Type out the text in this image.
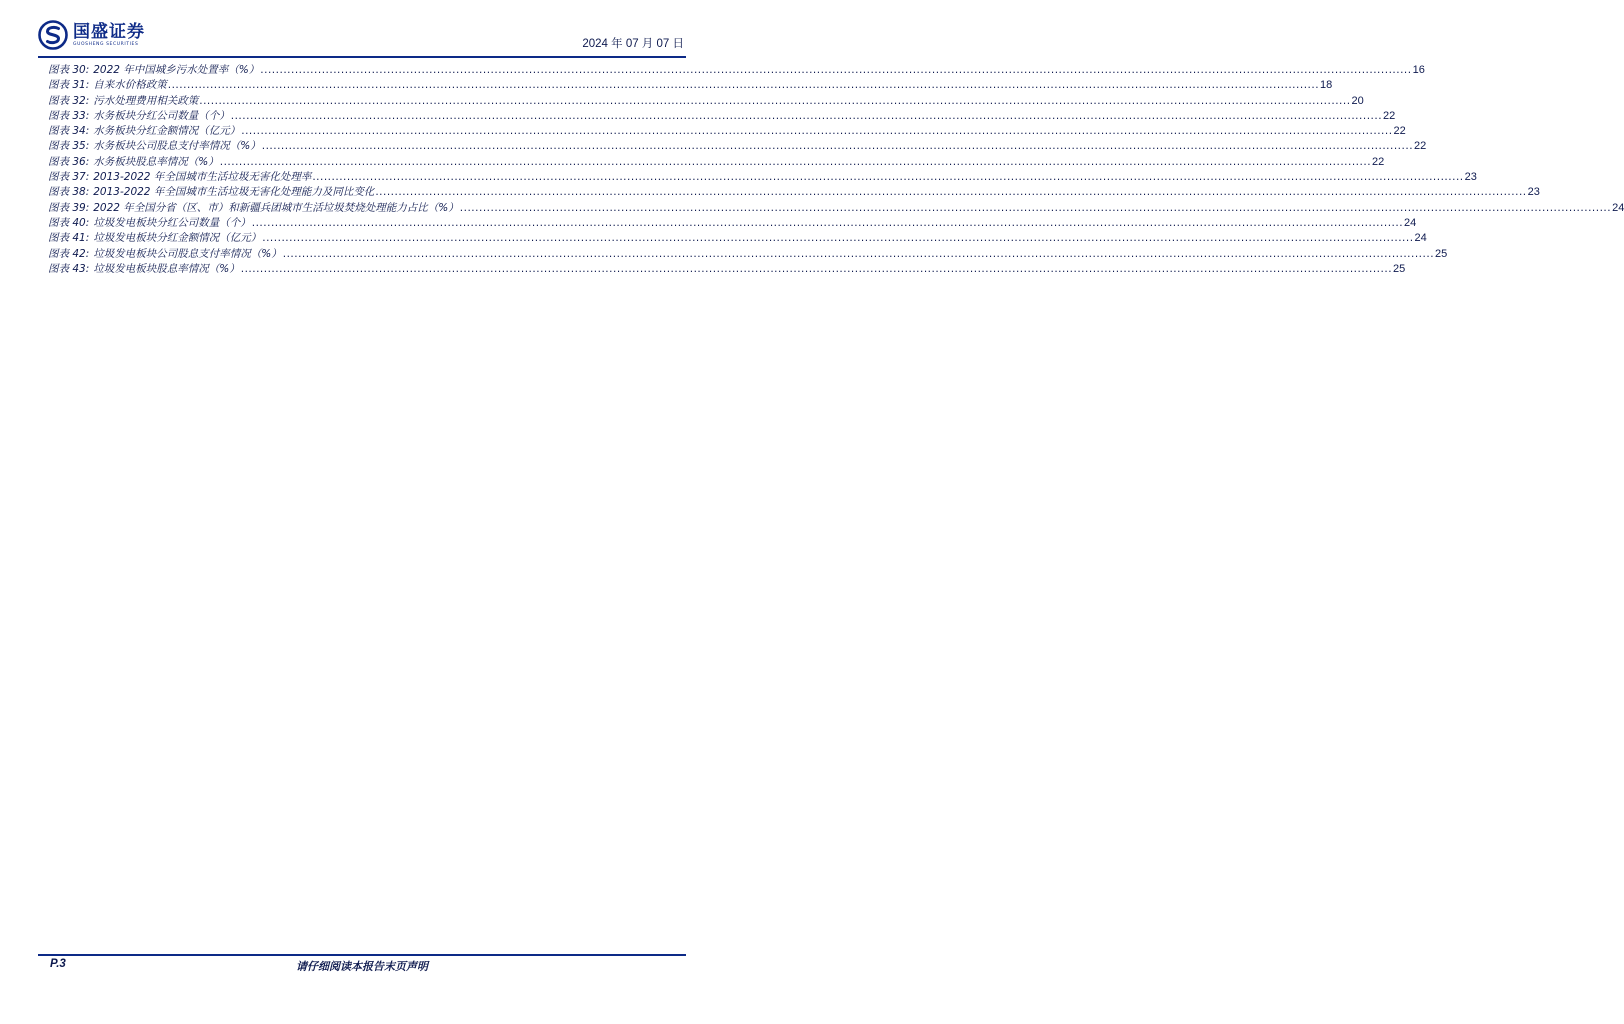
国盛证券
GUOSHENG SECURITIES	2024 年 07 月 07 日
图表 30: 2022 年中国城乡污水处置率（%） ............................................................................................................................................................................................................................................................................................................ 16
图表 31: 自来水价格政策 ............................................................................................................................................................................................................................................................................................................ 18
图表 32: 污水处理费用相关政策 ............................................................................................................................................................................................................................................................................................................ 20
图表 33: 水务板块分红公司数量（个） ............................................................................................................................................................................................................................................................................................................ 22
图表 34: 水务板块分红金额情况（亿元） ............................................................................................................................................................................................................................................................................................................ 22
图表 35: 水务板块公司股息支付率情况（%） ............................................................................................................................................................................................................................................................................................................ 22
图表 36: 水务板块股息率情况（%） ............................................................................................................................................................................................................................................................................................................ 22
图表 37: 2013-2022 年全国城市生活垃圾无害化处理率 ............................................................................................................................................................................................................................................................................................................ 23
图表 38: 2013-2022 年全国城市生活垃圾无害化处理能力及同比变化 ............................................................................................................................................................................................................................................................................................................ 23
图表 39: 2022 年全国分省（区、市）和新疆兵团城市生活垃圾焚烧处理能力占比（%） ............................................................................................................................................................................................................................................................................................................ 24
图表 40: 垃圾发电板块分红公司数量（个） ............................................................................................................................................................................................................................................................................................................ 24
图表 41: 垃圾发电板块分红金额情况（亿元） ............................................................................................................................................................................................................................................................................................................ 24
图表 42: 垃圾发电板块公司股息支付率情况（%） ............................................................................................................................................................................................................................................................................................................ 25
图表 43: 垃圾发电板块股息率情况（%） ............................................................................................................................................................................................................................................................................................................ 25
P.3	请仔细阅读本报告末页声明
